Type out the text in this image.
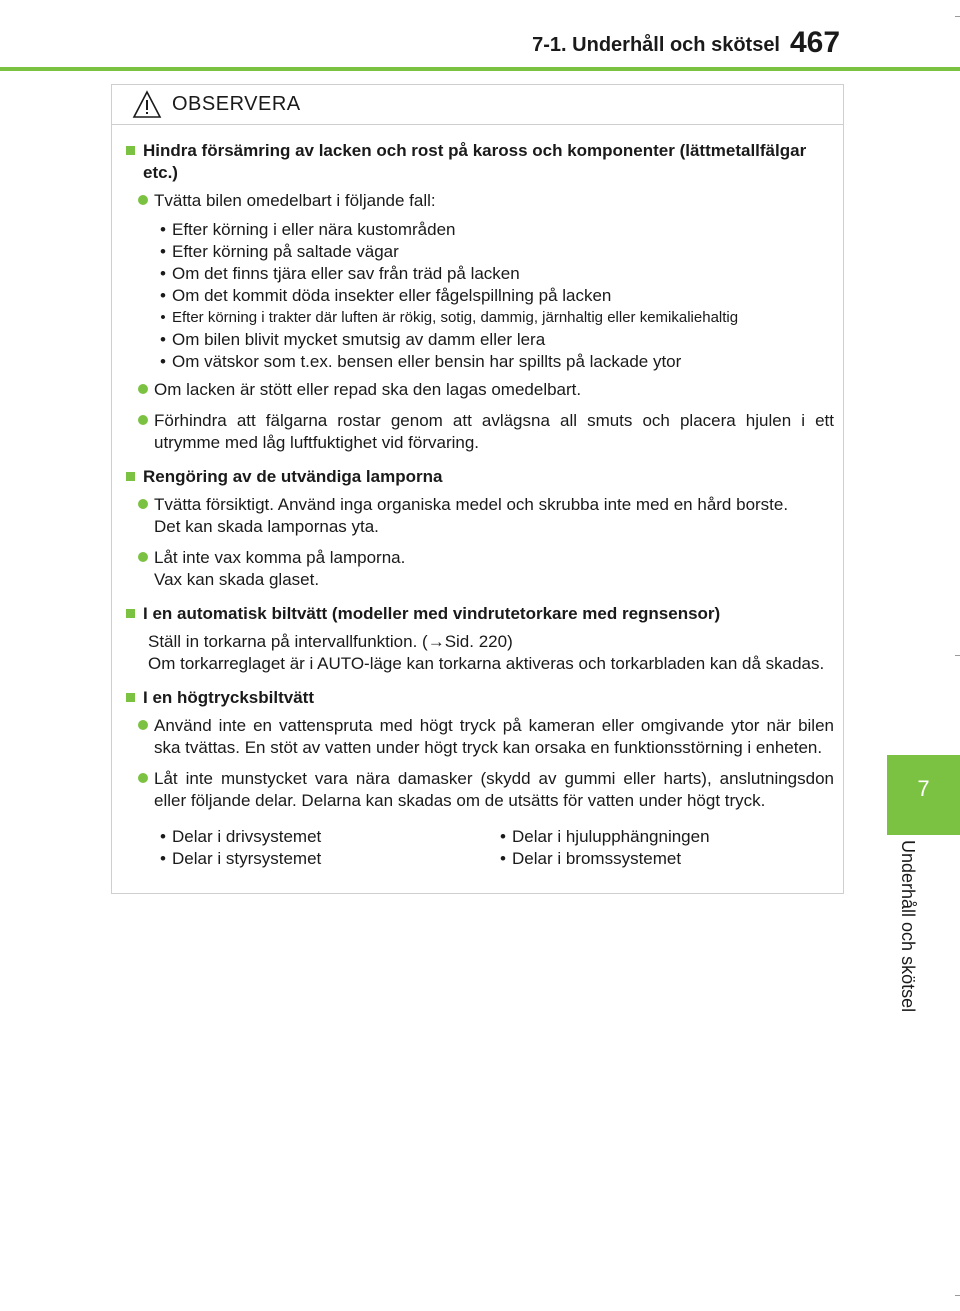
7-1. Underhåll och skötsel 467
7
Underhåll och skötsel
OBSERVERA
Hindra försämring av lacken och rost på kaross och komponenter (lättmetallfälgar etc.)
Tvätta bilen omedelbart i följande fall:
• Efter körning i eller nära kustområden
• Efter körning på saltade vägar
• Om det finns tjära eller sav från träd på lacken
• Om det kommit döda insekter eller fågelspillning på lacken
• Efter körning i trakter där luften är rökig, sotig, dammig, järnhaltig eller kemikaliehaltig
• Om bilen blivit mycket smutsig av damm eller lera
• Om vätskor som t.ex. bensen eller bensin har spillts på lackade ytor
Om lacken är stött eller repad ska den lagas omedelbart.
Förhindra att fälgarna rostar genom att avlägsna all smuts och placera hjulen i ett utrymme med låg luftfuktighet vid förvaring.
Rengöring av de utvändiga lamporna
Tvätta försiktigt. Använd inga organiska medel och skrubba inte med en hård borste.
Det kan skada lampornas yta.
Låt inte vax komma på lamporna.
Vax kan skada glaset.
I en automatisk biltvätt (modeller med vindrutetorkare med regnsensor)
Ställ in torkarna på intervallfunktion. (→Sid. 220)
Om torkarreglaget är i AUTO-läge kan torkarna aktiveras och torkarbladen kan då skadas.
I en högtrycksbiltvätt
Använd inte en vattenspruta med högt tryck på kameran eller omgivande ytor när bilen ska tvättas. En stöt av vatten under högt tryck kan orsaka en funktionsstörning i enheten.
Låt inte munstycket vara nära damasker (skydd av gummi eller harts), anslutningsdon eller följande delar. Delarna kan skadas om de utsätts för vatten under högt tryck.
• Delar i drivsystemet
• Delar i styrsystemet
• Delar i hjulupphängningen
• Delar i bromssystemet
